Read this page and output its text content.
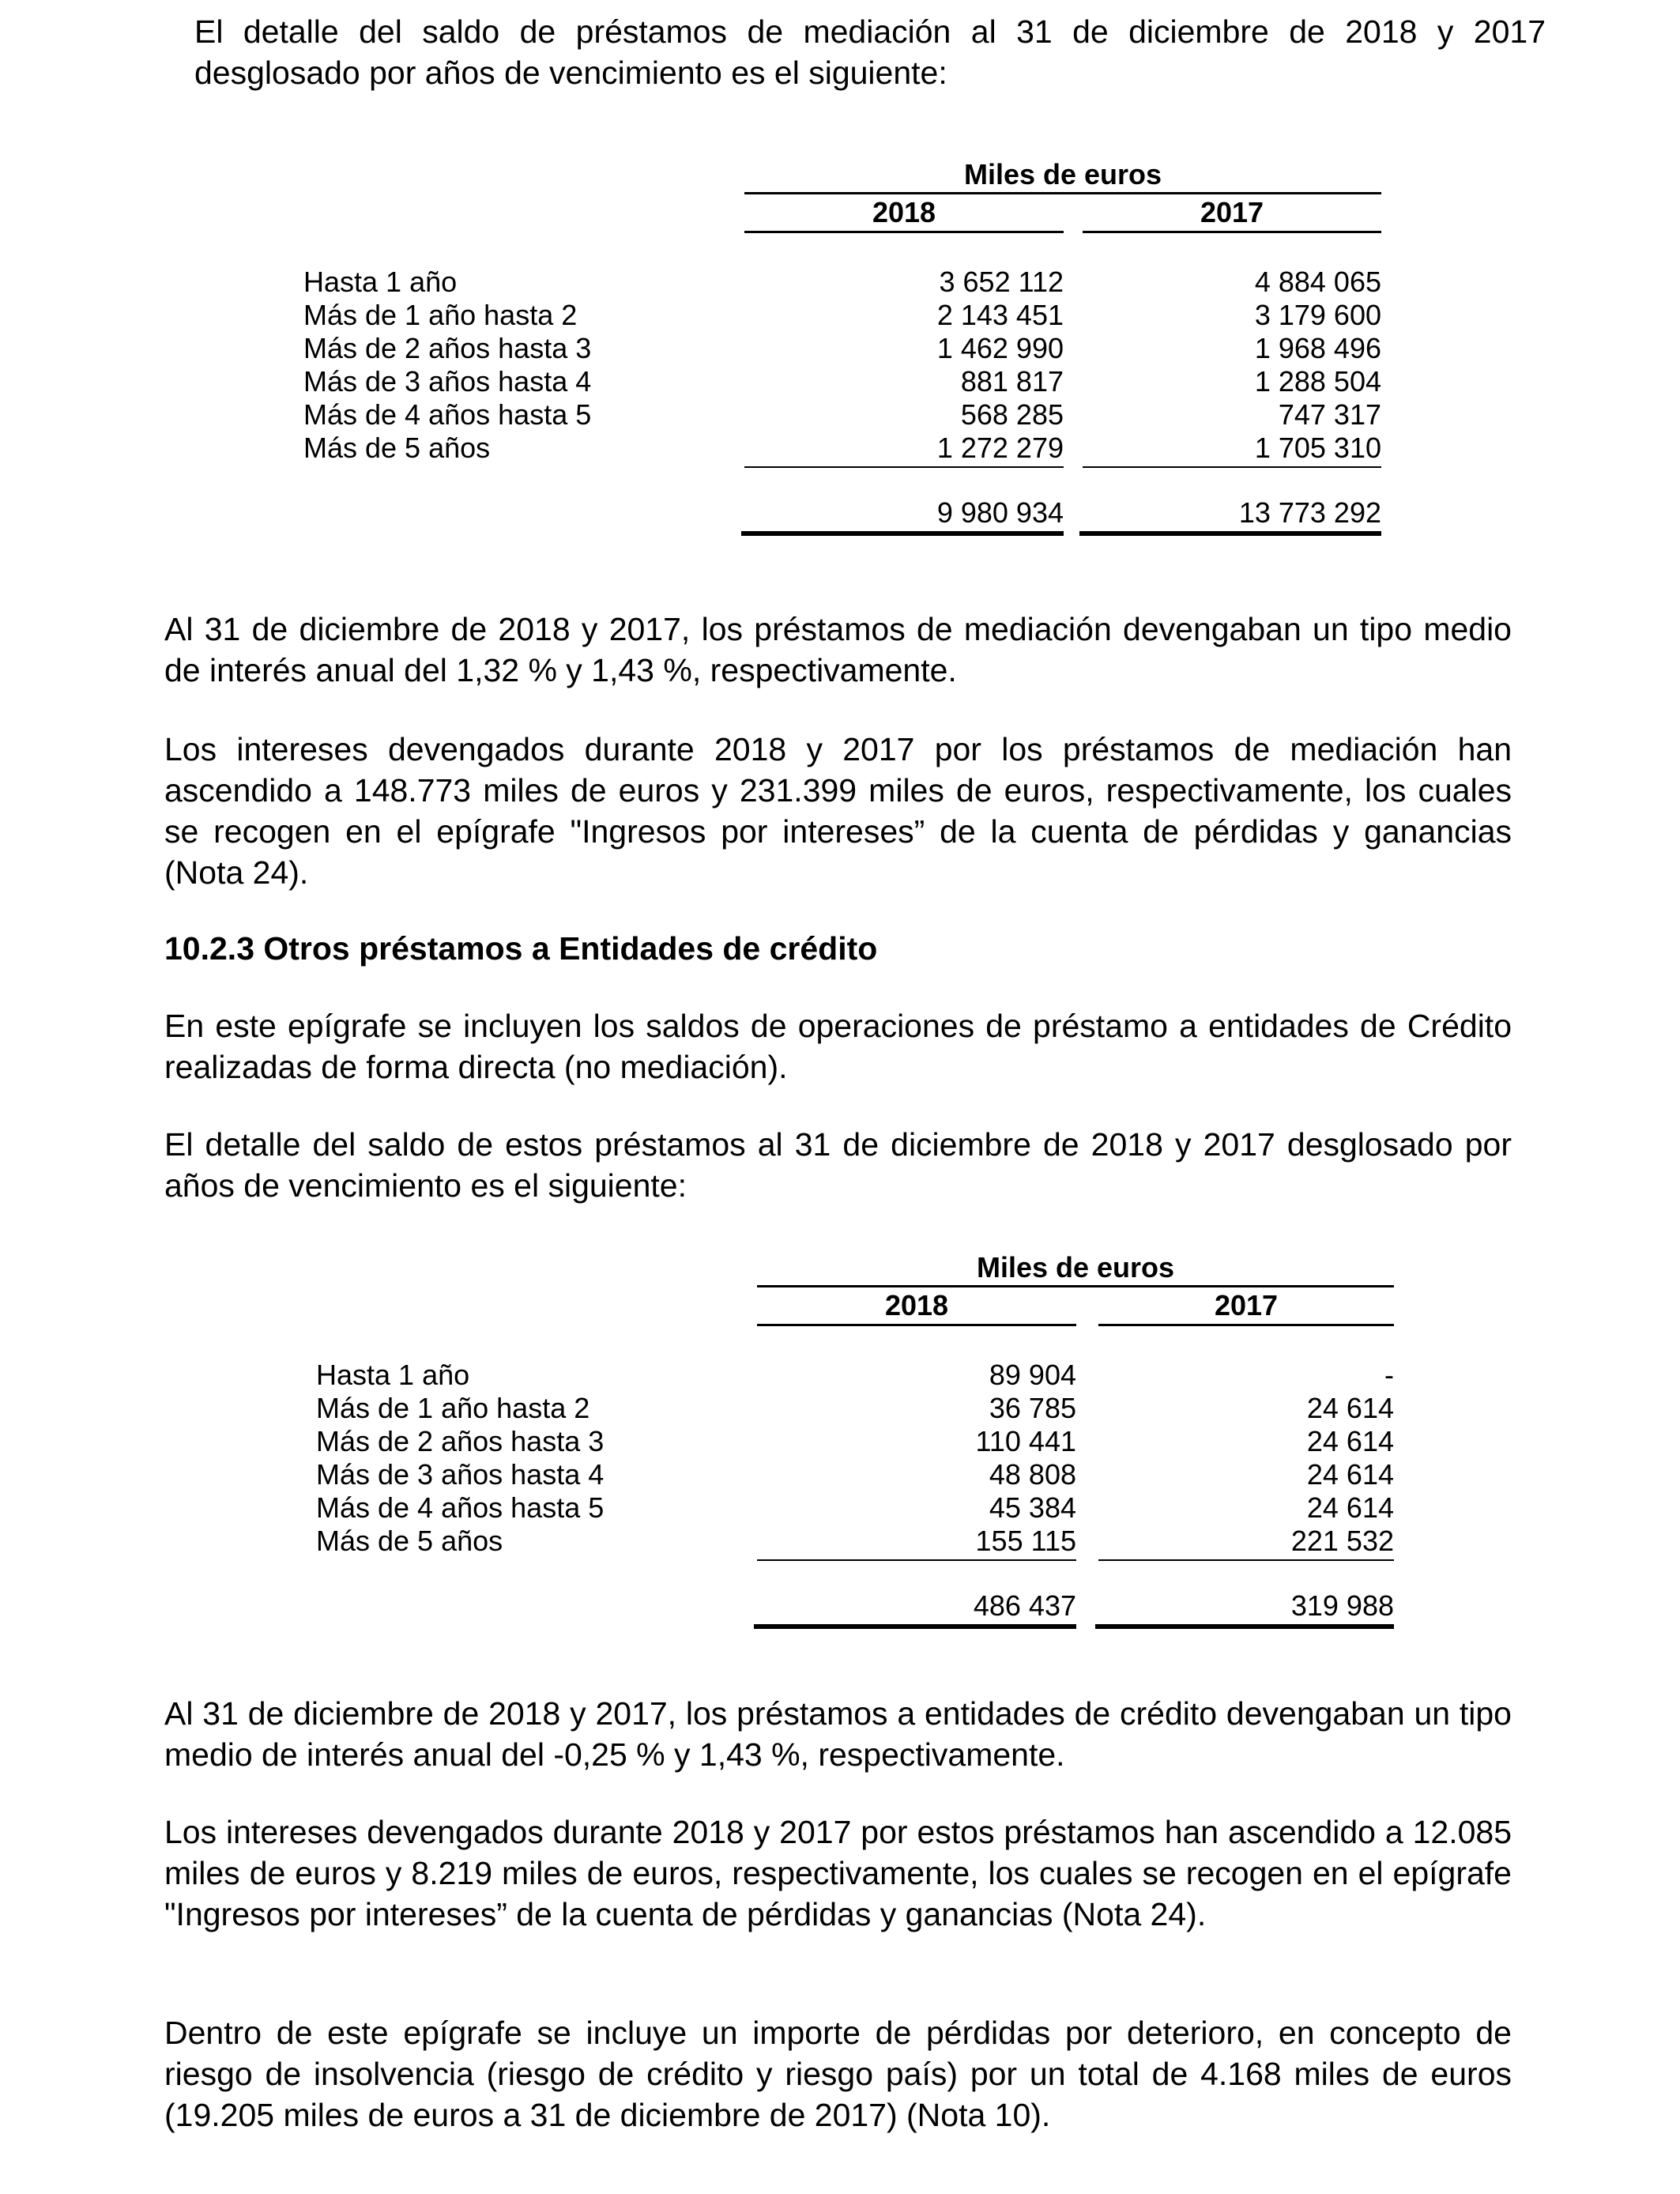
El detalle del saldo de préstamos de mediación al 31 de diciembre de 2018 y 2017 desglosado por años de vencimiento es el siguiente:

Miles de euros
2018	2017
Hasta 1 año	3 652 112	4 884 065
Más de 1 año hasta 2	2 143 451	3 179 600
Más de 2 años hasta 3	1 462 990	1 968 496
Más de 3 años hasta 4	881 817	1 288 504
Más de 4 años hasta 5	568 285	747 317
Más de 5 años	1 272 279	1 705 310
9 980 934	13 773 292

Al 31 de diciembre de 2018 y 2017, los préstamos de mediación devengaban un tipo medio de interés anual del 1,32 % y 1,43 %, respectivamente.

Los intereses devengados durante 2018 y 2017 por los préstamos de mediación han ascendido a 148.773 miles de euros y 231.399 miles de euros, respectivamente, los cuales se recogen en el epígrafe "Ingresos por intereses” de la cuenta de pérdidas y ganancias (Nota 24).

10.2.3 Otros préstamos a Entidades de crédito

En este epígrafe se incluyen los saldos de operaciones de préstamo a entidades de Crédito realizadas de forma directa (no mediación).

El detalle del saldo de estos préstamos al 31 de diciembre de 2018 y 2017 desglosado por años de vencimiento es el siguiente:

Miles de euros
2018	2017
Hasta 1 año	89 904	-
Más de 1 año hasta 2	36 785	24 614
Más de 2 años hasta 3	110 441	24 614
Más de 3 años hasta 4	48 808	24 614
Más de 4 años hasta 5	45 384	24 614
Más de 5 años	155 115	221 532
486 437	319 988

Al 31 de diciembre de 2018 y 2017, los préstamos a entidades de crédito devengaban un tipo medio de interés anual del -0,25 % y 1,43 %, respectivamente.

Los intereses devengados durante 2018 y 2017 por estos préstamos han ascendido a 12.085 miles de euros y 8.219 miles de euros, respectivamente, los cuales se recogen en el epígrafe "Ingresos por intereses” de la cuenta de pérdidas y ganancias (Nota 24).

Dentro de este epígrafe se incluye un importe de pérdidas por deterioro, en concepto de riesgo de insolvencia (riesgo de crédito y riesgo país) por un total de 4.168 miles de euros (19.205 miles de euros a 31 de diciembre de 2017) (Nota 10).
